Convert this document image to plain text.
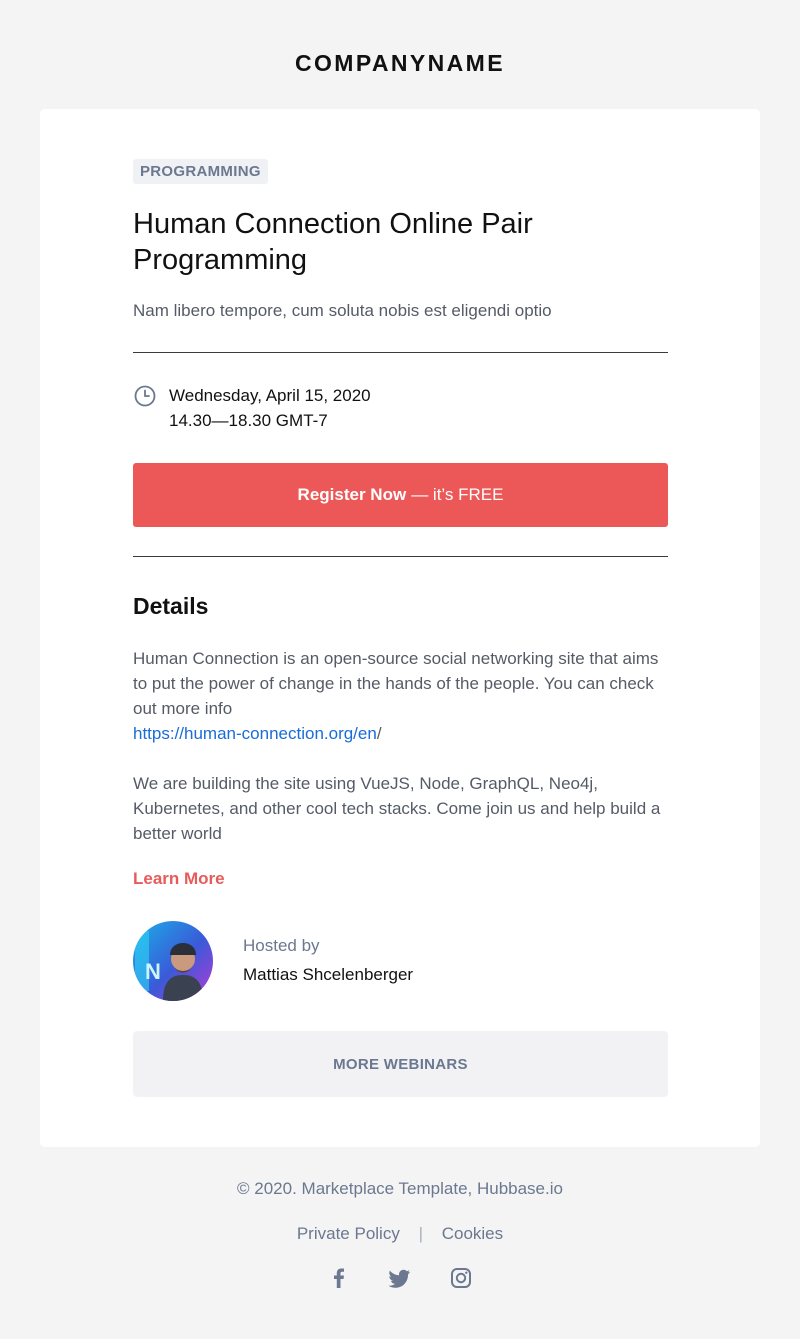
COMPANYNAME
PROGRAMMING
Human Connection Online Pair Programming

Nam libero tempore, cum soluta nobis est eligendi optio

Wednesday, April 15, 2020
14.30—18.30 GMT-7
Register Now — it’s FREE
Details

Human Connection is an open-source social networking site that aims to put the power of change in the hands of the people. You can check out more info
https://human-connection.org/en/

We are building the site using VueJS, Node, GraphQL, Neo4j, Kubernetes, and other cool tech stacks. Come join us and help build a better world

Learn More
N
Hosted by
Mattias Shcelenberger
MORE WEBINARS
© 2020. Marketplace Template, Hubbase.io
Private Policy | Cookies
